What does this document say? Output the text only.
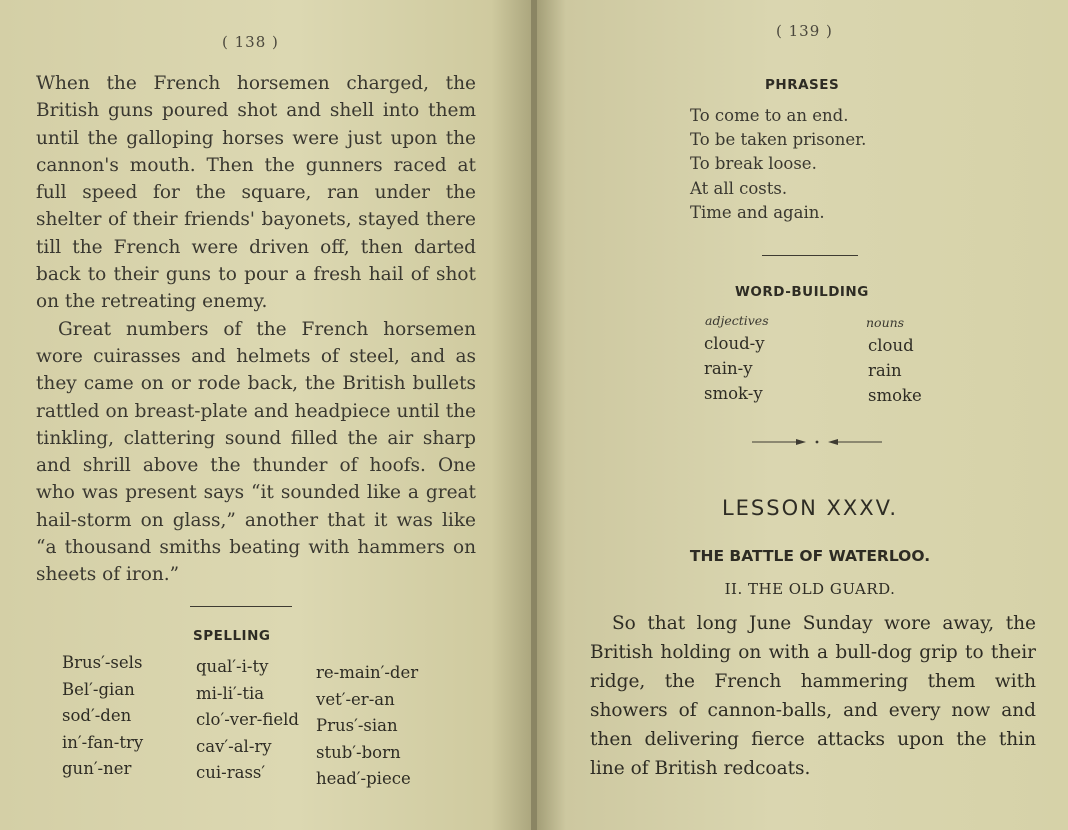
( 138 )

When the French horsemen charged, the British guns poured shot and shell into them until the galloping horses were just upon the cannon's mouth. Then the gunners raced at full speed for the square, ran under the shelter of their friends' bayonets, stayed there till the French were driven off, then darted back to their guns to pour a fresh hail of shot on the retreating enemy.

Great numbers of the French horsemen wore cuirasses and helmets of steel, and as they came on or rode back, the British bullets rattled on breast-plate and headpiece until the tinkling, clattering sound filled the air sharp and shrill above the thunder of hoofs. One who was present says “it sounded like a great hail-storm on glass,” another that it was like “a thousand smiths beating with hammers on sheets of iron.”

SPELLING
Brus′-sels
Bel′-gian
sod′-den
in′-fan-try
gun′-ner
qual′-i-ty
mi-li′-tia
clo′-ver-field
cav′-al-ry
cui-rass′
re-main′-der
vet′-er-an
Prus′-sian
stub′-born
head′-piece
( 139 )
PHRASES
To come to an end.
To be taken prisoner.
To break loose.
At all costs.
Time and again.
WORD-BUILDING
adjectives	nouns
cloud-y
rain-y
smok-y
cloud
rain
smoke
LESSON XXXV.
THE BATTLE OF WATERLOO.
II. THE OLD GUARD.

So that long June Sunday wore away, the British holding on with a bull-dog grip to their ridge, the French hammering them with showers of cannon-balls, and every now and then delivering fierce attacks upon the thin line of British redcoats.
